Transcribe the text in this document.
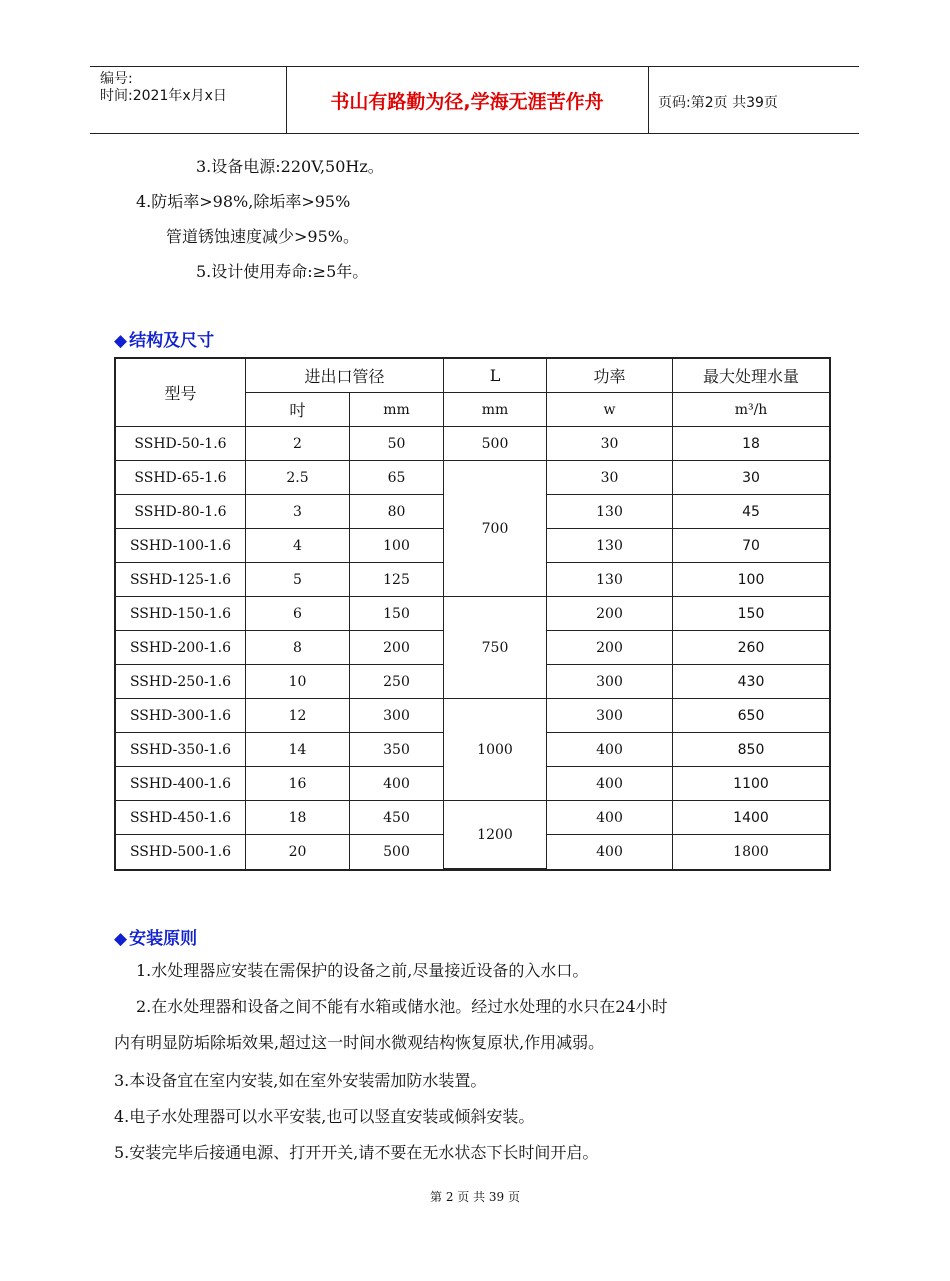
编号:
时间:2021年x月x日	书山有路勤为径,学海无涯苦作舟	页码:第2页 共39页
3.设备电源:220V,50Hz。
4.防垢率>98%,除垢率>95%
管道锈蚀速度减少>95%。
5.设计使用寿命:≥5年。
◆ 结构及尺寸
型号	进出口管径		L	功率	最大处理水量
	吋	mm	mm	w	m³/h
SSHD-50-1.6	2	50	500	30	18
SSHD-65-1.6	2.5	65	700	30	30
SSHD-80-1.6	3	80		130	45
SSHD-100-1.6	4	100		130	70
SSHD-125-1.6	5	125		130	100
SSHD-150-1.6	6	150	750	200	150
SSHD-200-1.6	8	200		200	260
SSHD-250-1.6	10	250		300	430
SSHD-300-1.6	12	300	1000	300	650
SSHD-350-1.6	14	350		400	850
SSHD-400-1.6	16	400		400	1100
SSHD-450-1.6	18	450	1200	400	1400
SSHD-500-1.6	20	500		400	1800
◆ 安装原则
1.水处理器应安装在需保护的设备之前,尽量接近设备的入水口。
2.在水处理器和设备之间不能有水箱或储水池。经过水处理的水只在24小时
内有明显防垢除垢效果,超过这一时间水微观结构恢复原状,作用减弱。
3.本设备宜在室内安装,如在室外安装需加防水装置。
4.电子水处理器可以水平安装,也可以竖直安装或倾斜安装。
5.安装完毕后接通电源、打开开关,请不要在无水状态下长时间开启。
第 2 页 共 39 页
